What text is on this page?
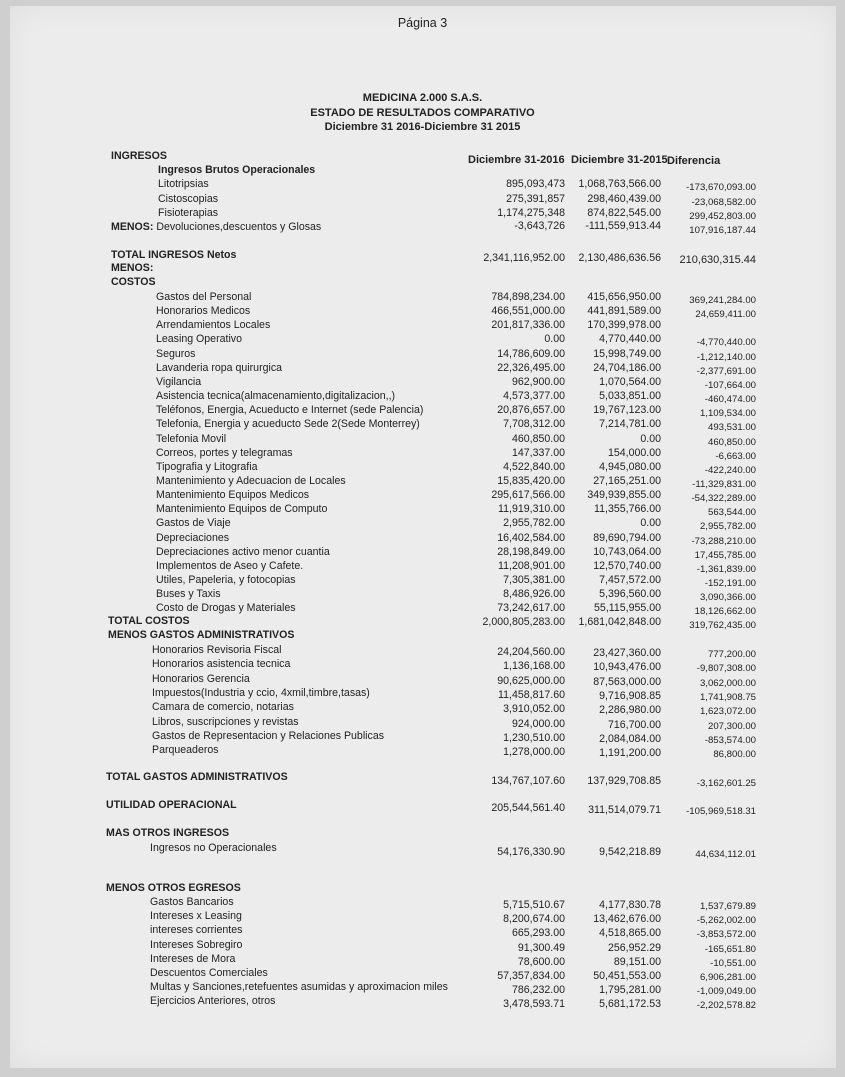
Página 3
MEDICINA 2.000 S.A.S.
ESTADO DE RESULTADOS COMPARATIVO
Diciembre 31 2016-Diciembre 31 2015
INGRESOS	Diciembre 31-2016 Diciembre 31-2015 Diferencia
Ingresos Brutos Operacionales
Litotripsias	895,093,473 1,068,763,566.00	-173,670,093.00
Cistoscopias	275,391,857 298,460,439.00	-23,068,582.00
Fisioterapias	1,174,275,348 874,822,545.00	299,452,803.00
MENOS: Devoluciones,descuentos y Glosas	-3,643,726 -111,559,913.44	107,916,187.44
TOTAL INGRESOS Netos	2,341,116,952.00 2,130,486,636.56 210,630,315.44
MENOS:
COSTOS
Gastos del Personal	784,898,234.00 415,656,950.00	369,241,284.00
Honorarios Medicos	466,551,000.00 441,891,589.00	24,659,411.00
Arrendamientos Locales	201,817,336.00 170,399,978.00
Leasing Operativo	0.00	4,770,440.00	-4,770,440.00
Seguros	14,786,609.00	15,998,749.00	-1,212,140.00
Lavanderia ropa quirurgica	22,326,495.00	24,704,186.00	-2,377,691.00
Vigilancia	962,900.00	1,070,564.00	-107,664.00
Asistencia tecnica(almacenamiento,digitalizacion,,)	4,573,377.00	5,033,851.00	-460,474.00
Teléfonos, Energia, Acueducto e Internet (sede Palencia)	20,876,657.00	19,767,123.00	1,109,534.00
Telefonia, Energia y acueducto Sede 2(Sede Monterrey)	7,708,312.00	7,214,781.00	493,531.00
Telefonia Movil	460,850.00	0.00	460,850.00
Correos, portes y telegramas	147,337.00	154,000.00	-6,663.00
Tipografia y Litografia	4,522,840.00	4,945,080.00	-422,240.00
Mantenimiento y Adecuacion de Locales	15,835,420.00	27,165,251.00	-11,329,831.00
Mantenimiento Equipos Medicos	295,617,566.00 349,939,855.00	-54,322,289.00
Mantenimiento Equipos de Computo	11,919,310.00	11,355,766.00	563,544.00
Gastos de Viaje	2,955,782.00	0.00	2,955,782.00
Depreciaciones	16,402,584.00	89,690,794.00	-73,288,210.00
Depreciaciones activo menor cuantia	28,198,849.00	10,743,064.00	17,455,785.00
Implementos de Aseo y Cafete.	11,208,901.00	12,570,740.00	-1,361,839.00
Utiles, Papeleria, y fotocopias	7,305,381.00	7,457,572.00	-152,191.00
Buses y Taxis	8,486,926.00	5,396,560.00	3,090,366.00
Costo de Drogas y Materiales	73,242,617.00	55,115,955.00	18,126,662.00
TOTAL COSTOS	2,000,805,283.00 1,681,042,848.00	319,762,435.00
MENOS GASTOS ADMINISTRATIVOS
Honorarios Revisoria Fiscal	24,204,560.00	23,427,360.00	777,200.00
Honorarios asistencia tecnica	1,136,168.00	10,943,476.00	-9,807,308.00
Honorarios Gerencia	90,625,000.00	87,563,000.00	3,062,000.00
Impuestos(Industria y ccio, 4xmil,timbre,tasas)	11,458,817.60	9,716,908.85	1,741,908.75
Camara de comercio, notarias	3,910,052.00	2,286,980.00	1,623,072.00
Libros, suscripciones y revistas	924,000.00	716,700.00	207,300.00
Gastos de Representacion y Relaciones Publicas	1,230,510.00	2,084,084.00	-853,574.00
Parqueaderos	1,278,000.00	1,191,200.00	86,800.00
TOTAL GASTOS ADMINISTRATIVOS	134,767,107.60 137,929,708.85	-3,162,601.25
UTILIDAD OPERACIONAL	205,544,561.40 311,514,079.71	-105,969,518.31
MAS OTROS INGRESOS
Ingresos no Operacionales	54,176,330.90	9,542,218.89	44,634,112.01
MENOS OTROS EGRESOS
Gastos Bancarios	5,715,510.67	4,177,830.78	1,537,679.89
Intereses x Leasing	8,200,674.00	13,462,676.00	-5,262,002.00
intereses corrientes	665,293.00	4,518,865.00	-3,853,572.00
Intereses Sobregiro	91,300.49	256,952.29	-165,651.80
Intereses de Mora	78,600.00	89,151.00	-10,551.00
Descuentos Comerciales	57,357,834.00	50,451,553.00	6,906,281.00
Multas y Sanciones,retefuentes asumidas y aproximacion miles	786,232.00	1,795,281.00	-1,009,049.00
Ejercicios Anteriores, otros	3,478,593.71	5,681,172.53	-2,202,578.82
